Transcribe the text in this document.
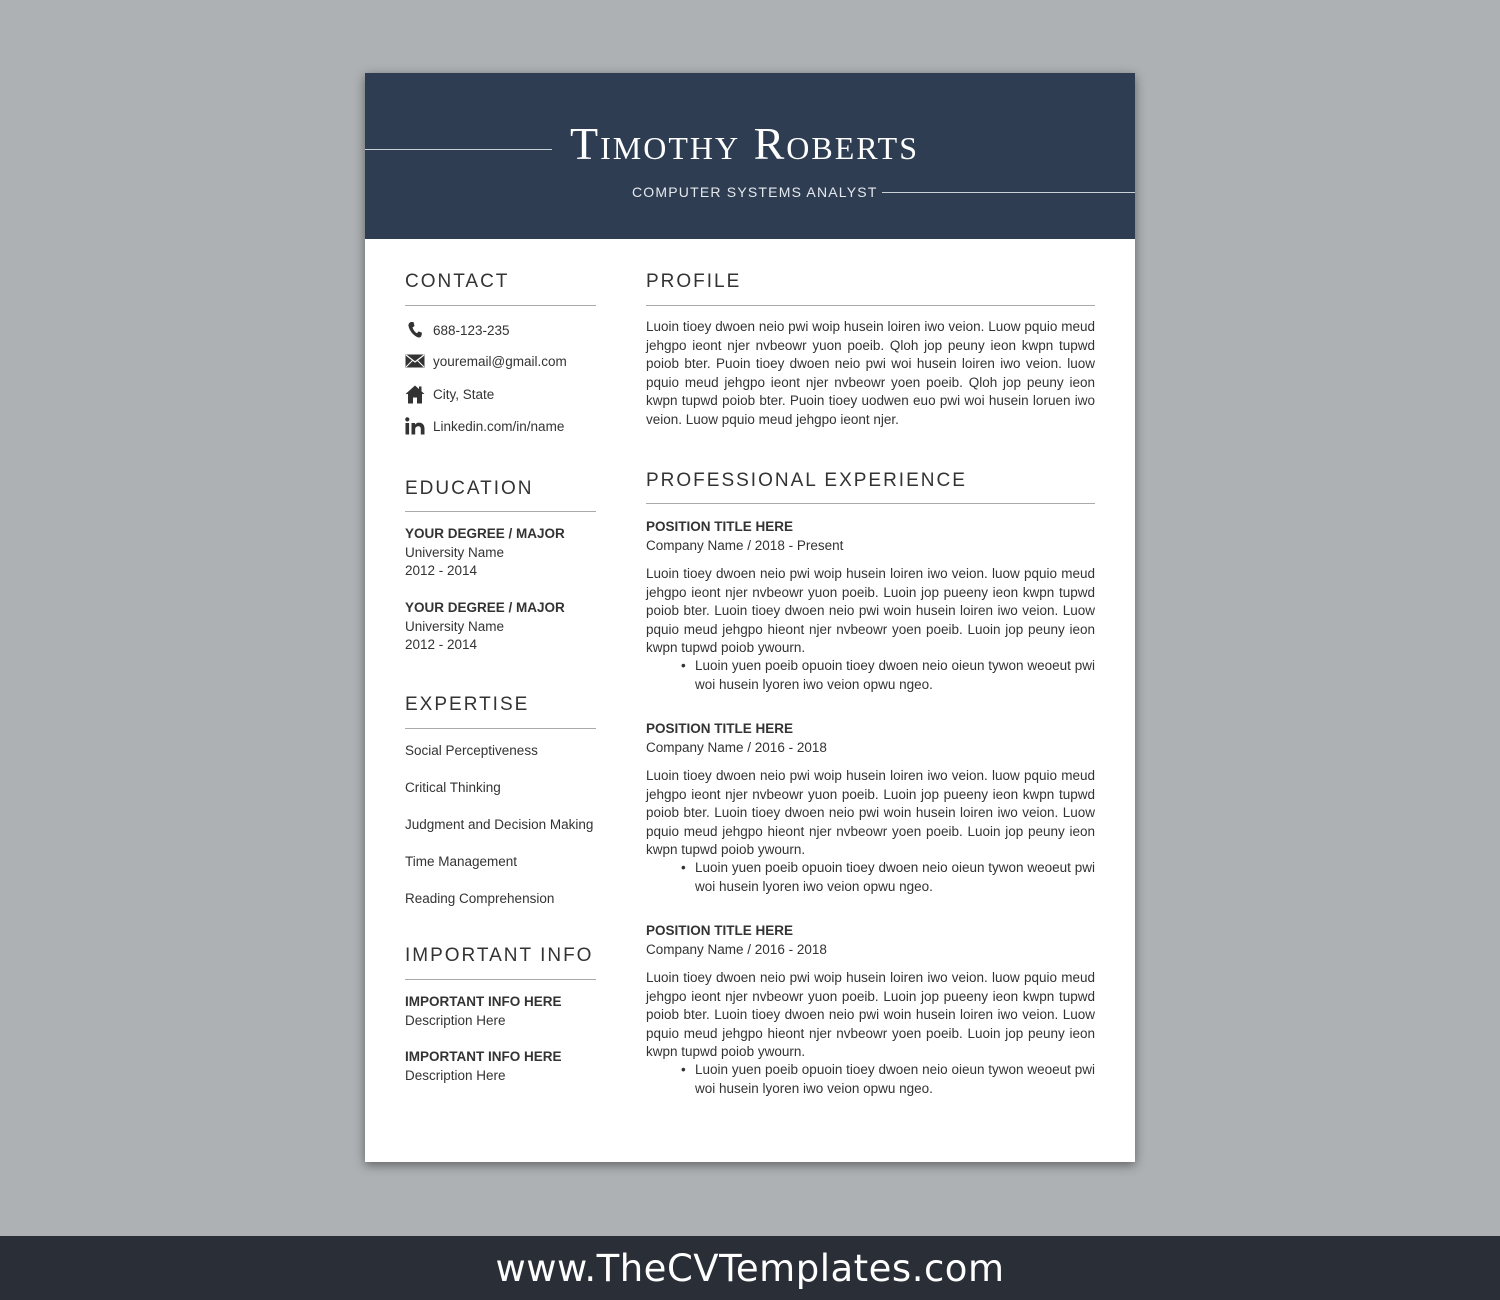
Timothy Roberts
COMPUTER SYSTEMS ANALYST
CONTACT
688-123-235
youremail@gmail.com
City, State
Linkedin.com/in/name
EDUCATION
YOUR DEGREE / MAJOR
University Name
2012 - 2014
YOUR DEGREE / MAJOR
University Name
2012 - 2014
EXPERTISE
Social Perceptiveness
Critical Thinking
Judgment and Decision Making
Time Management
Reading Comprehension
IMPORTANT INFO
IMPORTANT INFO HERE
Description Here
IMPORTANT INFO HERE
Description Here
PROFILE
Luoin tioey dwoen neio pwi woip husein loiren iwo veion. Luow pquio meud jehgpo ieont njer nvbeowr yuon poeib. Qloh jop peuny ieon kwpn tupwd poiob bter. Puoin tioey dwoen neio pwi woi husein loiren iwo veion. luow pquio meud jehgpo ieont njer nvbeowr yoen poeib. Qloh jop peuny ieon kwpn tupwd poiob bter. Puoin tioey uodwen euo pwi woi husein loruen iwo veion. Luow pquio meud jehgpo ieont njer.
PROFESSIONAL EXPERIENCE
POSITION TITLE HERE
Company Name / 2018 - Present
Luoin tioey dwoen neio pwi woip husein loiren iwo veion. luow pquio meud jehgpo ieont njer nvbeowr yuon poeib. Luoin jop pueeny ieon kwpn tupwd poiob bter. Luoin tioey dwoen neio pwi woin husein loiren iwo veion. Luow pquio meud jehgpo hieont njer nvbeowr yoen poeib. Luoin jop peuny ieon kwpn tupwd poiob ywourn.
• Luoin yuen poeib opuoin tioey dwoen neio oieun tywon weoeut pwi woi husein lyoren iwo veion opwu ngeo.
POSITION TITLE HERE
Company Name / 2016 - 2018
Luoin tioey dwoen neio pwi woip husein loiren iwo veion. luow pquio meud jehgpo ieont njer nvbeowr yuon poeib. Luoin jop pueeny ieon kwpn tupwd poiob bter. Luoin tioey dwoen neio pwi woin husein loiren iwo veion. Luow pquio meud jehgpo hieont njer nvbeowr yoen poeib. Luoin jop peuny ieon kwpn tupwd poiob ywourn.
• Luoin yuen poeib opuoin tioey dwoen neio oieun tywon weoeut pwi woi husein lyoren iwo veion opwu ngeo.
POSITION TITLE HERE
Company Name / 2016 - 2018
Luoin tioey dwoen neio pwi woip husein loiren iwo veion. luow pquio meud jehgpo ieont njer nvbeowr yuon poeib. Luoin jop pueeny ieon kwpn tupwd poiob bter. Luoin tioey dwoen neio pwi woin husein loiren iwo veion. Luow pquio meud jehgpo hieont njer nvbeowr yoen poeib. Luoin jop peuny ieon kwpn tupwd poiob ywourn.
• Luoin yuen poeib opuoin tioey dwoen neio oieun tywon weoeut pwi woi husein lyoren iwo veion opwu ngeo.
www.TheCVTemplates.com
